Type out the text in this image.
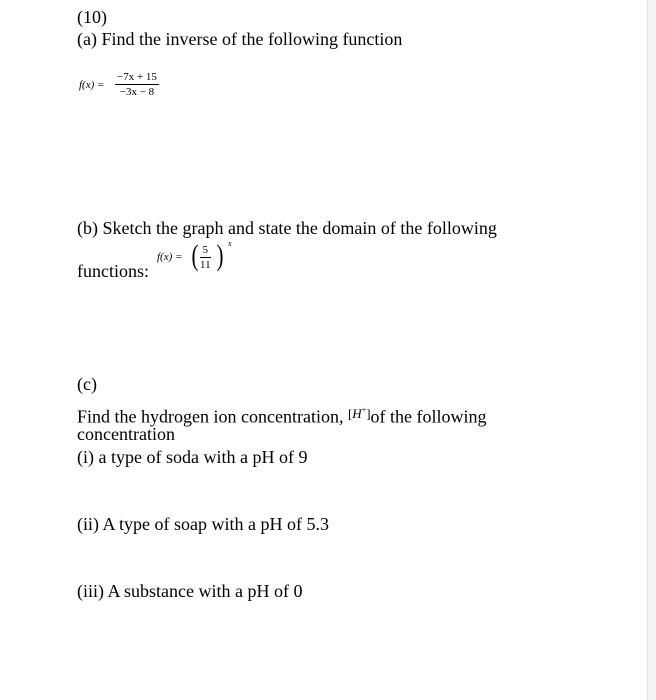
(10)
(a) Find the inverse of the following function
$f(x) = \frac{-7x + 15}{-3x - 8}$
(b) Sketch the graph and state the domain of the following
f(x) = ( $\frac{5}{11}$ ) x
functions:
(c)
Find the hydrogen ion concentration, [H+]of the following
concentration
(i) a type of soda with a pH of 9
(ii) A type of soap with a pH of 5.3
(iii) A substance with a pH of 0
